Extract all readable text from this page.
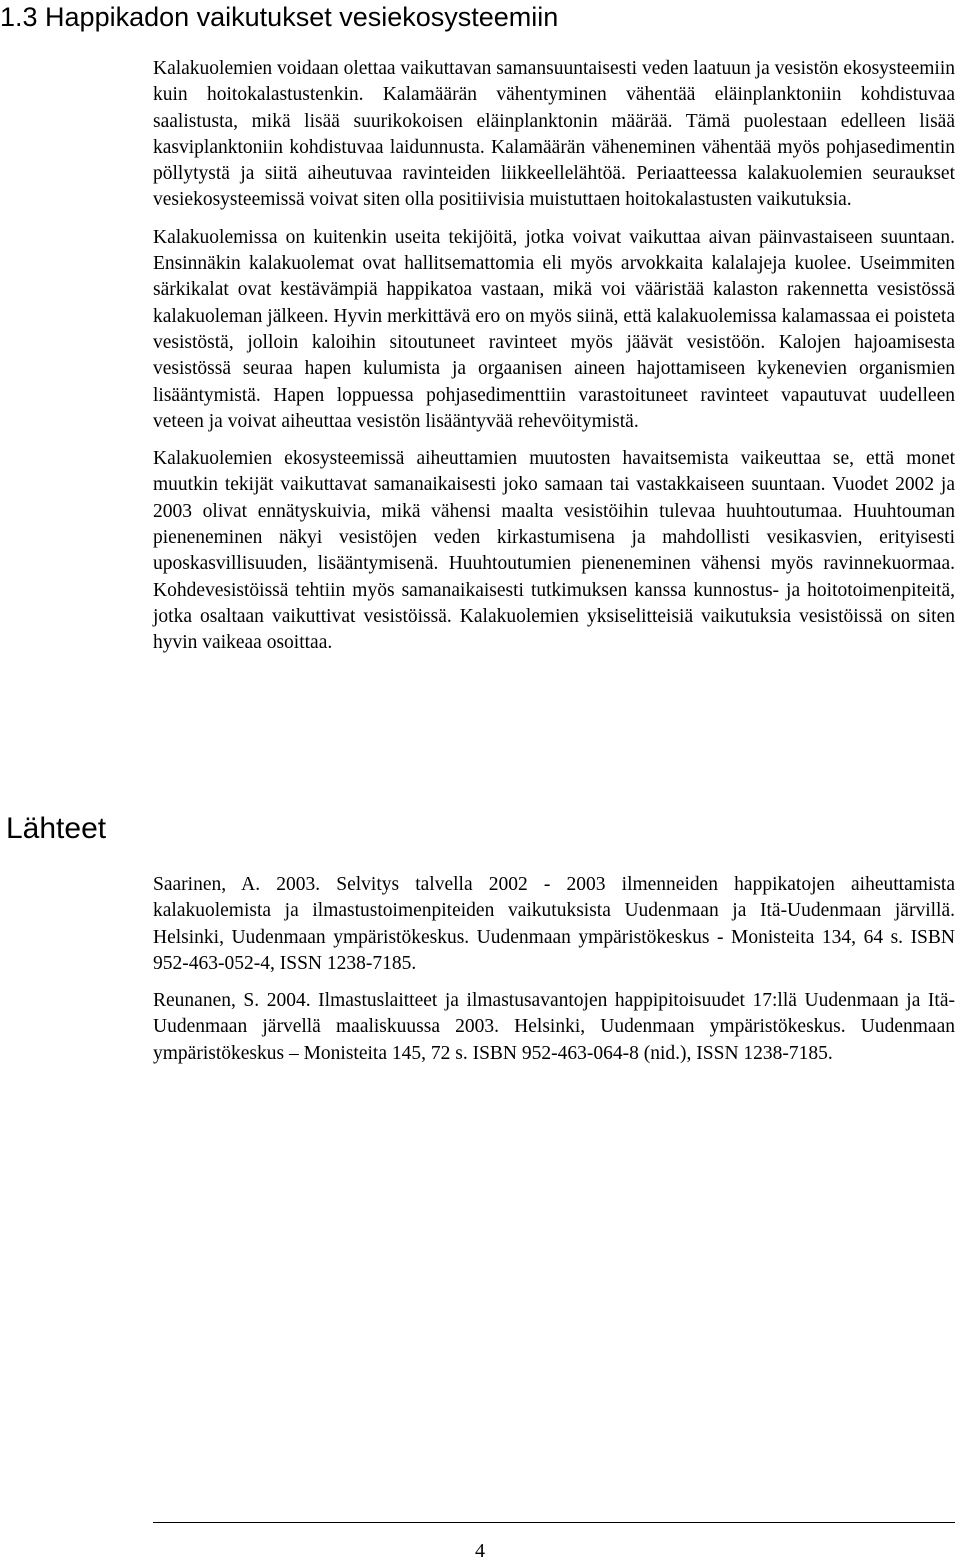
1.3 Happikadon vaikutukset vesiekosysteemiin

Kalakuolemien voidaan olettaa vaikuttavan samansuuntaisesti veden laatuun ja vesistön ekosysteemiin kuin hoitokalastustenkin. Kalamäärän vähentyminen vähentää eläinplanktoniin kohdistuvaa saalistusta, mikä lisää suurikokoisen eläinplanktonin määrää. Tämä puolestaan edelleen lisää kasviplanktoniin kohdistuvaa laidunnusta. Kalamäärän väheneminen vähentää myös pohjasedimentin pöllytystä ja siitä aiheutuvaa ravinteiden liikkeellelähtöä. Periaatteessa kalakuolemien seuraukset vesiekosysteemissä voivat siten olla positiivisia muistuttaen hoitokalastusten vaikutuksia.

Kalakuolemissa on kuitenkin useita tekijöitä, jotka voivat vaikuttaa aivan päinvastaiseen suuntaan. Ensinnäkin kalakuolemat ovat hallitsemattomia eli myös arvokkaita kalalajeja kuolee. Useimmiten särkikalat ovat kestävämpiä happikatoa vastaan, mikä voi vääristää kalaston rakennetta vesistössä kalakuoleman jälkeen. Hyvin merkittävä ero on myös siinä, että kalakuolemissa kalamassaa ei poisteta vesistöstä, jolloin kaloihin sitoutuneet ravinteet myös jäävät vesistöön. Kalojen hajoamisesta vesistössä seuraa hapen kulumista ja orgaanisen aineen hajottamiseen kykenevien organismien lisääntymistä. Hapen loppuessa pohjasedimenttiin varastoituneet ravinteet vapautuvat uudelleen veteen ja voivat aiheuttaa vesistön lisääntyvää rehevöitymistä.

Kalakuolemien ekosysteemissä aiheuttamien muutosten havaitsemista vaikeuttaa se, että monet muutkin tekijät vaikuttavat samanaikaisesti joko samaan tai vastakkaiseen suuntaan. Vuodet 2002 ja 2003 olivat ennätyskuivia, mikä vähensi maalta vesistöihin tulevaa huuhtoutumaa. Huuhtouman pieneneminen näkyi vesistöjen veden kirkastumisena ja mahdollisti vesikasvien, erityisesti uposkasvillisuuden, lisääntymisenä. Huuhtoutumien pieneneminen vähensi myös ravinnekuormaa. Kohdevesistöissä tehtiin myös samanaikaisesti tutkimuksen kanssa kunnostus- ja hoitotoimenpiteitä, jotka osaltaan vaikuttivat vesistöissä. Kalakuolemien yksiselitteisiä vaikutuksia vesistöissä on siten hyvin vaikeaa osoittaa.

Lähteet

Saarinen, A. 2003. Selvitys talvella 2002 - 2003 ilmenneiden happikatojen aiheuttamista kalakuolemista ja ilmastustoimenpiteiden vaikutuksista Uudenmaan ja Itä-Uudenmaan järvillä. Helsinki, Uudenmaan ympäristökeskus. Uudenmaan ympäristökeskus - Monisteita 134, 64 s. ISBN 952-463-052-4, ISSN 1238-7185.

Reunanen, S. 2004. Ilmastuslaitteet ja ilmastusavantojen happipitoisuudet 17:llä Uudenmaan ja Itä-Uudenmaan järvellä maaliskuussa 2003. Helsinki, Uudenmaan ympäristökeskus. Uudenmaan ympäristökeskus – Monisteita 145, 72 s. ISBN 952-463-064-8 (nid.), ISSN 1238-7185.

4
